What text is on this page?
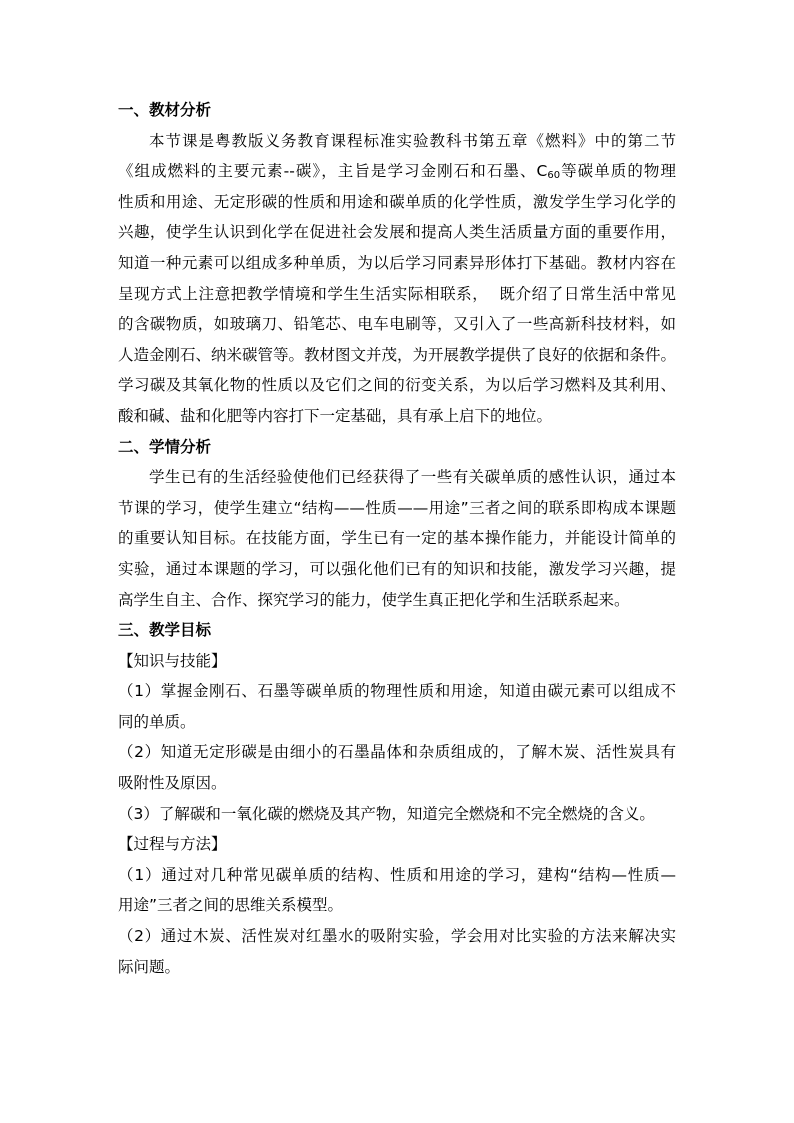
一、教材分析
本节课是粤教版义务教育课程标准实验教科书第五章《燃料》中的第二节
《组成燃料的主要元素--碳》，主旨是学习金刚石和石墨、$C_{60}$等碳单质的物理
性质和用途、无定形碳的性质和用途和碳单质的化学性质，激发学生学习化学的
兴趣，使学生认识到化学在促进社会发展和提高人类生活质量方面的重要作用，
知道一种元素可以组成多种单质，为以后学习同素异形体打下基础。教材内容在
呈现方式上注意把教学情境和学生生活实际相联系，  既介绍了日常生活中常见
的含碳物质，如玻璃刀、铅笔芯、电车电刷等，又引入了一些高新科技材料，如
人造金刚石、纳米碳管等。教材图文并茂，为开展教学提供了良好的依据和条件。
学习碳及其氧化物的性质以及它们之间的衍变关系，为以后学习燃料及其利用、
酸和碱、盐和化肥等内容打下一定基础，具有承上启下的地位。
二、学情分析
学生已有的生活经验使他们已经获得了一些有关碳单质的感性认识，通过本
节课的学习，使学生建立“结构——性质——用途”三者之间的联系即构成本课题
的重要认知目标。在技能方面，学生已有一定的基本操作能力，并能设计简单的
实验，通过本课题的学习，可以强化他们已有的知识和技能，激发学习兴趣，提
高学生自主、合作、探究学习的能力，使学生真正把化学和生活联系起来。
三、教学目标
【知识与技能】
（1）掌握金刚石、石墨等碳单质的物理性质和用途，知道由碳元素可以组成不
同的单质。
（2）知道无定形碳是由细小的石墨晶体和杂质组成的，了解木炭、活性炭具有
吸附性及原因。
（3）了解碳和一氧化碳的燃烧及其产物，知道完全燃烧和不完全燃烧的含义。
【过程与方法】
（1）通过对几种常见碳单质的结构、性质和用途的学习，建构“结构—性质—
用途”三者之间的思维关系模型。
（2）通过木炭、活性炭对红墨水的吸附实验，学会用对比实验的方法来解决实
际问题。
